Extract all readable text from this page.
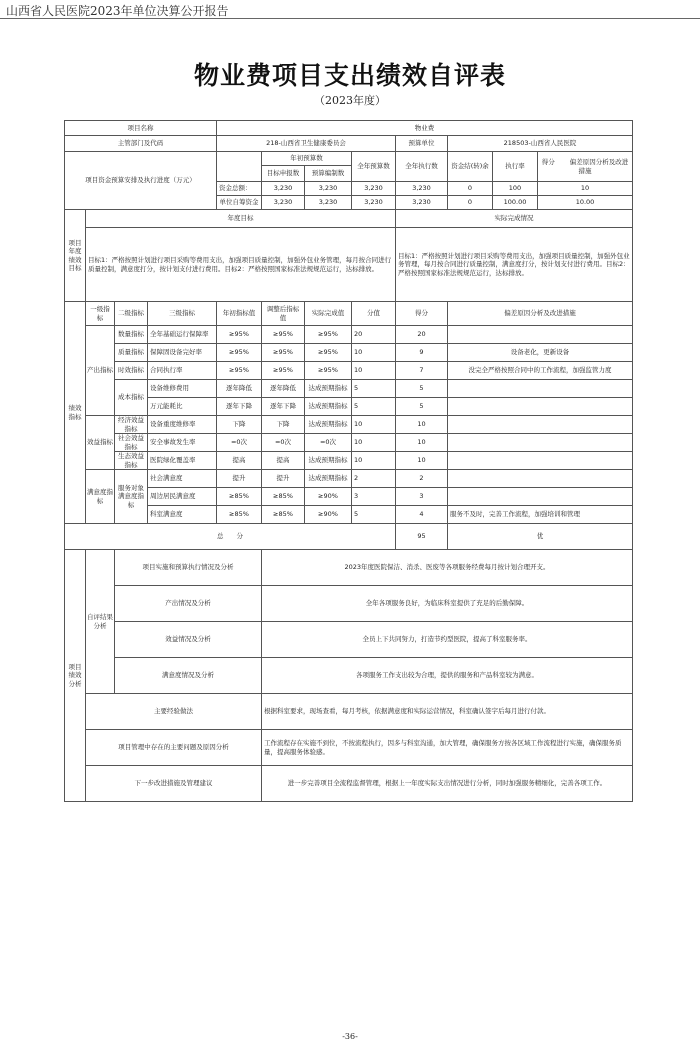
山西省人民医院2023年单位决算公开报告
物业费项目支出绩效自评表
（2023年度）
项目名称				物业费							
主管部门及代码				218-山西省卫生健康委员会				预算单位	218503-山西省人民医院		
项目资金预算安排及执行进度（万元）					年初预算数		全年预算数	全年执行数	资金结(转)余	执行率	得分　　 偏差原因分析及改进措施
					目标申报数	预算编制数					
				资金总额：	3,230	3,230	3,230	3,230	0	100	10
				单位自筹资金	3,230	3,230	3,230	3,230	0	100.00	10.00
项目年度绩效目标	年度目标							实际完成情况			
	目标1：严格按照计划进行项目采购等费用支出，加强项目质量控制，加强外包业务管理，每月按合同进行质量控制，满意度打分，按计划支付进行费用。目标2：严格按照国家标准法规规范运行，达标排放。							目标1：严格按照计划进行项目采购等费用支出，加强项目质量控制，加强外包业务管理，每月按合同进行质量控制，满意度打分，按计划支付进行费用。目标2：严格按照国家标准法规规范运行，达标排放。			
绩效指标	一级指标	二级指标	三级指标	年初指标值	调整后指标值	实际完成值	分值	得分	偏差原因分析及改进措施		
	产出指标	数量指标	全年基础运行保障率	≥95%	≥95%	≥95%	20	20			
		质量指标	保障固设备完好率	≥95%	≥95%	≥95%	10	9	设备老化，更新设备		
		时效指标	合同执行率	≥95%	≥95%	≥95%	10	7	没完全严格按照合同中的工作流程，加强监管力度		
		成本指标	设备维修费用	逐年降低	逐年降低	达成预期指标	5	5			
			万元能耗比	逐年下降	逐年下降	达成预期指标	5	5			
	效益指标	经济效益指标	设备重度维修率	下降	下降	达成预期指标	10	10			
		社会效益指标	安全事故发生率	=0次	=0次	=0次	10	10			
		生态效益指标	医院绿化覆盖率	提高	提高	达成预期指标	10	10			
	满意度指标	服务对象满意度指标	社会满意度	提升	提升	达成预期指标	2	2			
			周边居民满意度	≥85%	≥85%	≥90%	3	3			
			科室满意度	≥85%	≥85%	≥90%	5	4	服务不及时，完善工作流程，加强培训和管理		
总　　分								95	优		
项目绩效分析	自评结果分析	项目实施和预算执行情况及分析			2023年度医院保洁、消杀、医废等各项服务经费每月按计划合理开支。						
		产出情况及分析			全年各项服务良好，为临床科室提供了充足的后勤保障。						
		效益情况及分析			全员上下共同努力，打造节约型医院，提高了科室服务率。						
		满意度情况及分析			各项服务工作支出较为合理，提供的服务和产品科室较为满意。						
	主要经验做法				根据科室要求，现场查看，每月考核，依据满意度和实际运营情况，科室确认签字后每月进行付款。						
	项目管理中存在的主要问题及原因分析				工作流程存在实施不到位，不按流程执行，因多与科室沟通，加大管理，确保服务方按各区域工作流程进行实施，确保服务质量，提高服务体验感。						
	下一步改进措施及管理建议				进一步完善项目全流程监督管理，根据上一年度实际支出情况进行分析，同时加强服务精细化，完善各项工作。						
-36-
